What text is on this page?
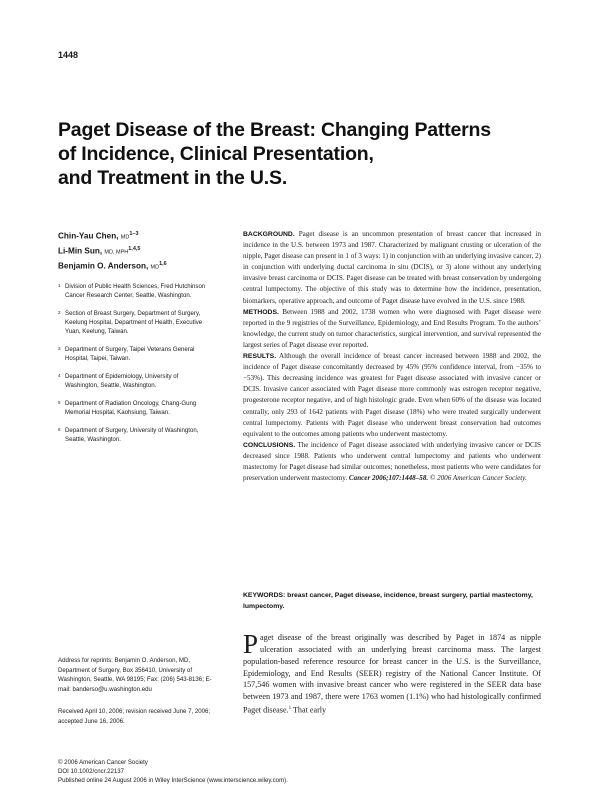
1448
Paget Disease of the Breast: Changing Patterns
of Incidence, Clinical Presentation,
and Treatment in the U.S.
Chin-Yau Chen, MD$^{1-3}$
Li-Min Sun, MD, MPH$^{1,4,5}$
Benjamin O. Anderson, MD$^{1,6}$
1 Division of Public Health Sciences, Fred Hutchinson Cancer Research Center, Seattle, Washington.
2 Section of Breast Surgery, Department of Surgery, Keelung Hospital, Department of Health, Executive Yuan, Keelung, Taiwan.
3 Department of Surgery, Taipei Veterans General Hospital, Taipei, Taiwan.
4 Department of Epidemiology, University of Washington, Seattle, Washington.
5 Department of Radiation Oncology, Chang-Gung Memorial Hospital, Kaohsiung, Taiwan.
6 Department of Surgery, University of Washington, Seattle, Washington.

BACKGROUND. Paget disease is an uncommon presentation of breast cancer that increased in incidence in the U.S. between 1973 and 1987. Characterized by malignant crusting or ulceration of the nipple, Paget disease can present in 1 of 3 ways: 1) in conjunction with an underlying invasive cancer, 2) in conjunction with underlying ductal carcinoma in situ (DCIS), or 3) alone without any underlying invasive breast carcinoma or DCIS. Paget disease can be treated with breast conservation by undergoing central lumpectomy. The objective of this study was to determine how the incidence, presentation, biomarkers, operative approach, and outcome of Paget disease have evolved in the U.S. since 1988.

METHODS. Between 1988 and 2002, 1738 women who were diagnosed with Paget disease were reported in the 9 registries of the Surveillance, Epidemiology, and End Results Program. To the authors’ knowledge, the current study on tumor characteristics, surgical intervention, and survival represented the largest series of Paget disease ever reported.

RESULTS. Although the overall incidence of breast cancer increased between 1988 and 2002, the incidence of Paget disease concomitantly decreased by 45% (95% confidence interval, from −35% to −53%). This decreasing incidence was greatest for Paget disease associated with invasive cancer or DCIS. Invasive cancer associated with Paget disease more commonly was estrogen receptor negative, progesterone receptor negative, and of high histologic grade. Even when 60% of the disease was located centrally, only 293 of 1642 patients with Paget disease (18%) who were treated surgically underwent central lumpectomy. Patients with Paget disease who underwent breast conservation had outcomes equivalent to the outcomes among patients who underwent mastectomy.

CONCLUSIONS. The incidence of Paget disease associated with underlying invasive cancer or DCIS decreased since 1988. Patients who underwent central lumpectomy and patients who underwent mastectomy for Paget disease had similar outcomes; nonetheless, most patients who were candidates for preservation underwent mastectomy. Cancer 2006;107:1448–58. © 2006 American Cancer Society.

KEYWORDS: breast cancer, Paget disease, incidence, breast surgery, partial mastectomy, lumpectomy.
Paget disease of the breast originally was described by Paget in 1874 as nipple ulceration associated with an underlying breast carcinoma mass. The largest population-based reference resource for breast cancer in the U.S. is the Surveillance, Epidemiology, and End Results (SEER) registry of the National Cancer Institute. Of 157,546 women with invasive breast cancer who were registered in the SEER data base between 1973 and 1987, there were 1763 women (1.1%) who had histologically confirmed Paget disease.$^1$ That early
Address for reprints: Benjamin O. Anderson, MD, Department of Surgery, Box 356410, University of Washington, Seattle, WA 98195; Fax: (206) 543-8136; E-mail: banderso@u.washington.edu
Received April 10, 2006; revision received June 7, 2006; accepted June 16, 2006.
© 2006 American Cancer Society
DOI 10.1002/cncr.22137
Published online 24 August 2006 in Wiley InterScience (www.interscience.wiley.com).
